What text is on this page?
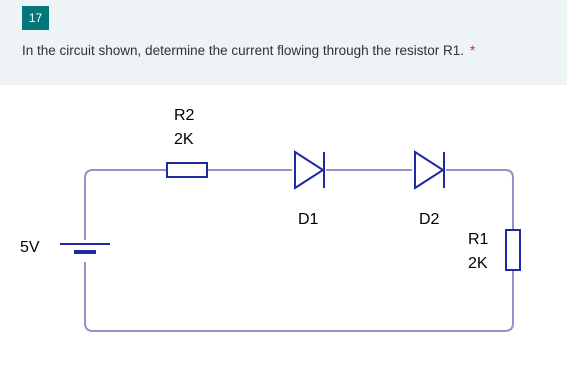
17
In the circuit shown, determine the current flowing through the resistor R1. *
R2
2K
D1	D2
R1
2K
5V
